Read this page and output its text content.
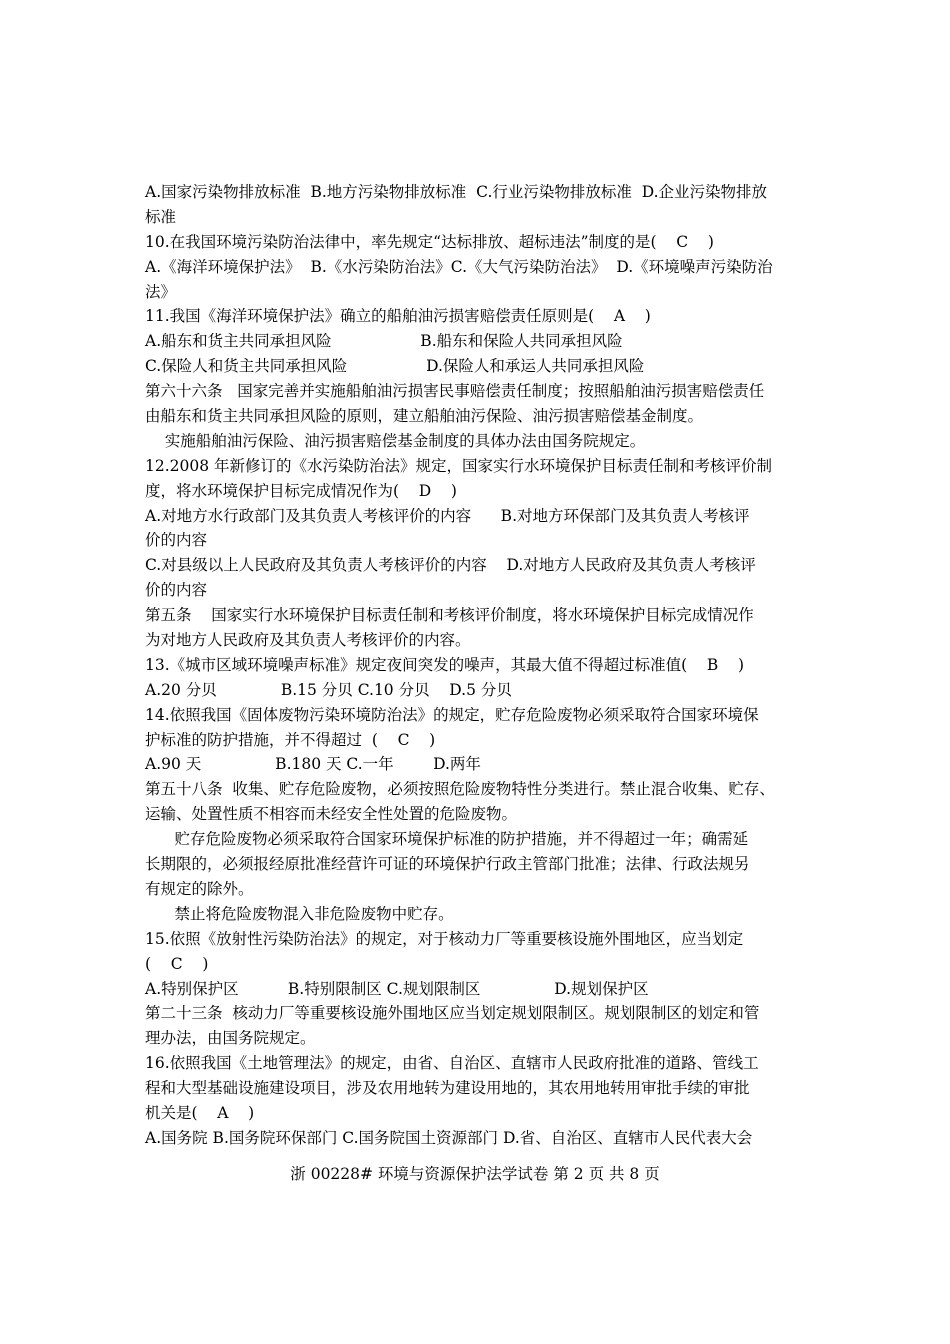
A.国家污染物排放标准  B.地方污染物排放标准  C.行业污染物排放标准  D.企业污染物排放
标准
10.在我国环境污染防治法律中，率先规定“达标排放、超标违法”制度的是(    C    )
A.《海洋环境保护法》  B.《水污染防治法》C.《大气污染防治法》  D.《环境噪声污染防治
法》
11.我国《海洋环境保护法》确立的船舶油污损害赔偿责任原则是(    A    )
A.船东和货主共同承担风险                  B.船东和保险人共同承担风险
C.保险人和货主共同承担风险                D.保险人和承运人共同承担风险
第六十六条   国家完善并实施船舶油污损害民事赔偿责任制度；按照船舶油污损害赔偿责任
由船东和货主共同承担风险的原则，建立船舶油污保险、油污损害赔偿基金制度。
实施船舶油污保险、油污损害赔偿基金制度的具体办法由国务院规定。
12.2008 年新修订的《水污染防治法》规定，国家实行水环境保护目标责任制和考核评价制
度，将水环境保护目标完成情况作为(    D    )
A.对地方水行政部门及其负责人考核评价的内容      B.对地方环保部门及其负责人考核评
价的内容
C.对县级以上人民政府及其负责人考核评价的内容    D.对地方人民政府及其负责人考核评
价的内容
第五条    国家实行水环境保护目标责任制和考核评价制度，将水环境保护目标完成情况作
为对地方人民政府及其负责人考核评价的内容。
13.《城市区域环境噪声标准》规定夜间突发的噪声，其最大值不得超过标准值(    B    )
A.20 分贝             B.15 分贝 C.10 分贝    D.5 分贝
14.依照我国《固体废物污染环境防治法》的规定，贮存危险废物必须采取符合国家环境保
护标准的防护措施，并不得超过  (    C    )
A.90 天               B.180 天 C.一年        D.两年
第五十八条  收集、贮存危险废物，必须按照危险废物特性分类进行。禁止混合收集、贮存、
运输、处置性质不相容而未经安全性处置的危险废物。
贮存危险废物必须采取符合国家环境保护标准的防护措施，并不得超过一年；确需延
长期限的，必须报经原批准经营许可证的环境保护行政主管部门批准；法律、行政法规另
有规定的除外。
禁止将危险废物混入非危险废物中贮存。
15.依照《放射性污染防治法》的规定，对于核动力厂等重要核设施外围地区，应当划定
(    C    )
A.特别保护区          B.特别限制区 C.规划限制区               D.规划保护区
第二十三条  核动力厂等重要核设施外围地区应当划定规划限制区。规划限制区的划定和管
理办法，由国务院规定。
16.依照我国《土地管理法》的规定，由省、自治区、直辖市人民政府批准的道路、管线工
程和大型基础设施建设项目，涉及农用地转为建设用地的，其农用地转用审批手续的审批
机关是(    A    )
A.国务院 B.国务院环保部门 C.国务院国土资源部门 D.省、自治区、直辖市人民代表大会
浙 00228# 环境与资源保护法学试卷 第 2 页 共 8 页
